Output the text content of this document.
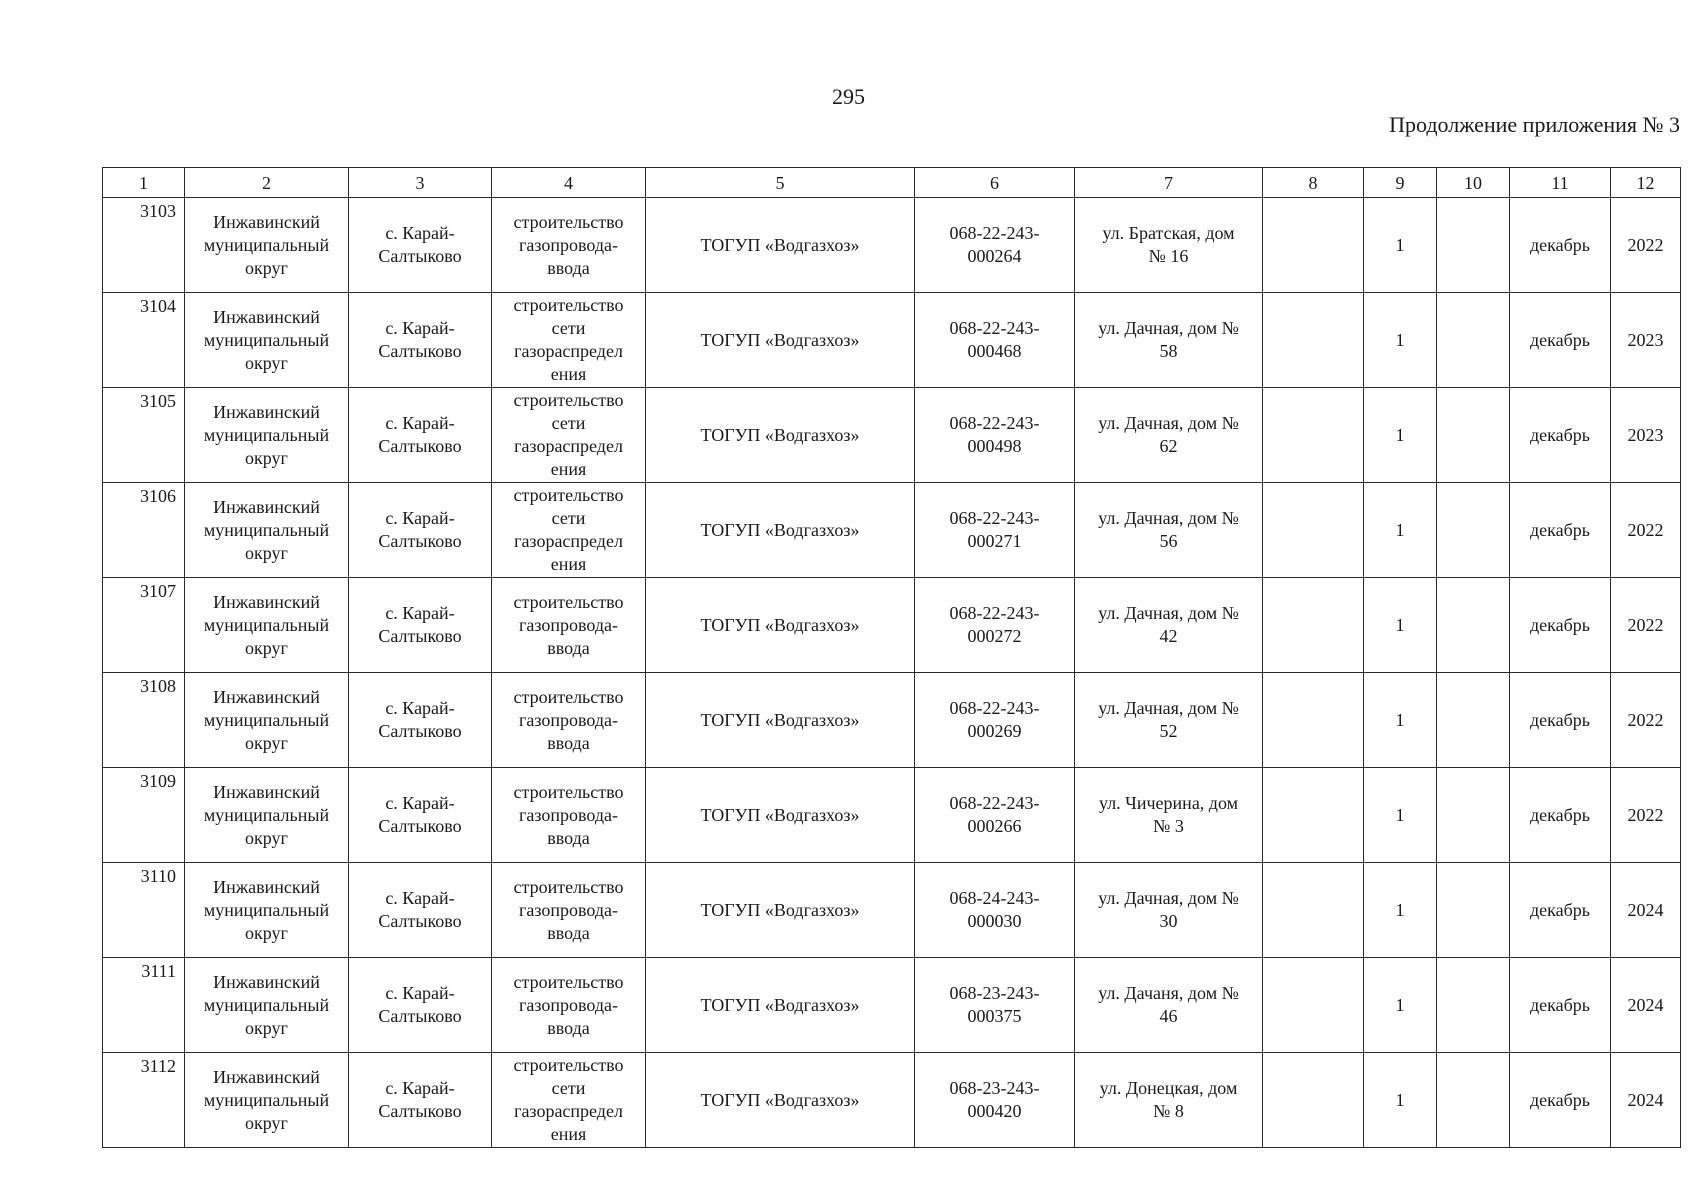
295
Продолжение приложения № 3
1	2	3	4	5	6	7	8	9	10	11	12

3103	Инжавинский
муниципальный
округ	с. Карай-
Салтыково	строительство
газопровода-
ввода	ТОГУП «Водгазхоз»	068-22-243-
000264	ул. Братская, дом
№ 16		1		декабрь	2022

3104	Инжавинский
муниципальный
округ	с. Карай-
Салтыково	строительство
сети
газораспредел
ения	ТОГУП «Водгазхоз»	068-22-243-
000468	ул. Дачная, дом №
58		1		декабрь	2023

3105	Инжавинский
муниципальный
округ	с. Карай-
Салтыково	строительство
сети
газораспредел
ения	ТОГУП «Водгазхоз»	068-22-243-
000498	ул. Дачная, дом №
62		1		декабрь	2023

3106	Инжавинский
муниципальный
округ	с. Карай-
Салтыково	строительство
сети
газораспредел
ения	ТОГУП «Водгазхоз»	068-22-243-
000271	ул. Дачная, дом №
56		1		декабрь	2022

3107	Инжавинский
муниципальный
округ	с. Карай-
Салтыково	строительство
газопровода-
ввода	ТОГУП «Водгазхоз»	068-22-243-
000272	ул. Дачная, дом №
42		1		декабрь	2022

3108	Инжавинский
муниципальный
округ	с. Карай-
Салтыково	строительство
газопровода-
ввода	ТОГУП «Водгазхоз»	068-22-243-
000269	ул. Дачная, дом №
52		1		декабрь	2022

3109	Инжавинский
муниципальный
округ	с. Карай-
Салтыково	строительство
газопровода-
ввода	ТОГУП «Водгазхоз»	068-22-243-
000266	ул. Чичерина, дом
№ 3		1		декабрь	2022

3110	Инжавинский
муниципальный
округ	с. Карай-
Салтыково	строительство
газопровода-
ввода	ТОГУП «Водгазхоз»	068-24-243-
000030	ул. Дачная, дом №
30		1		декабрь	2024

3111	Инжавинский
муниципальный
округ	с. Карай-
Салтыково	строительство
газопровода-
ввода	ТОГУП «Водгазхоз»	068-23-243-
000375	ул. Дачаня, дом №
46		1		декабрь	2024

3112	Инжавинский
муниципальный
округ	с. Карай-
Салтыково	строительство
сети
газораспредел
ения	ТОГУП «Водгазхоз»	068-23-243-
000420	ул. Донецкая, дом
№ 8		1		декабрь	2024
